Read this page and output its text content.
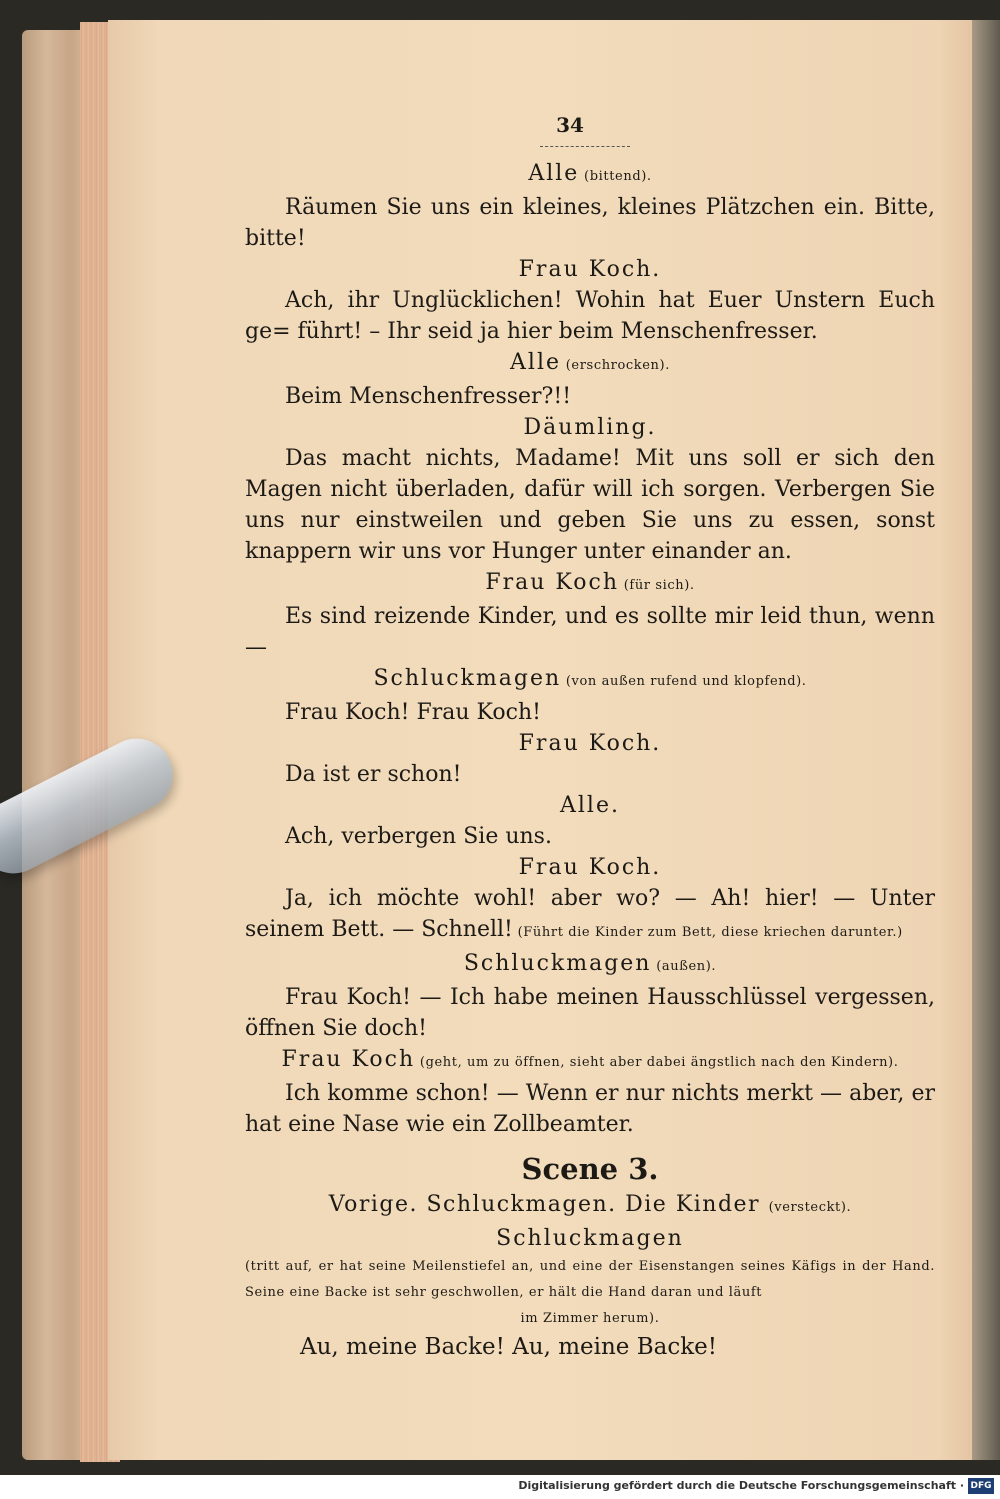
34
Alle (bittend).
Räumen Sie uns ein kleines, kleines Plätzchen ein. Bitte, bitte!
Frau Koch.
Ach, ihr Unglücklichen! Wohin hat Euer Unstern Euch ge= führt! – Ihr seid ja hier beim Menschenfresser.
Alle (erschrocken).
Beim Menschenfresser?!!
Däumling.
Das macht nichts, Madame! Mit uns soll er sich den Magen nicht überladen, dafür will ich sorgen. Verbergen Sie uns nur einstweilen und geben Sie uns zu essen, sonst knappern wir uns vor Hunger unter einander an.
Frau Koch (für sich).
Es sind reizende Kinder, und es sollte mir leid thun, wenn —
Schluckmagen (von außen rufend und klopfend).
Frau Koch! Frau Koch!
Frau Koch.
Da ist er schon!
Alle.
Ach, verbergen Sie uns.
Frau Koch.
Ja, ich möchte wohl! aber wo? — Ah! hier! — Unter seinem Bett. — Schnell! (Führt die Kinder zum Bett, diese kriechen darunter.)
Schluckmagen (außen).
Frau Koch! — Ich habe meinen Hausschlüssel vergessen, öffnen Sie doch!
Frau Koch (geht, um zu öffnen, sieht aber dabei ängstlich nach den Kindern).
Ich komme schon! — Wenn er nur nichts merkt — aber, er hat eine Nase wie ein Zollbeamter.
Scene 3.
Vorige. Schluckmagen. Die Kinder (versteckt).
Schluckmagen
(tritt auf, er hat seine Meilenstiefel an, und eine der Eisenstangen seines Käfigs in der Hand. Seine eine Backe ist sehr geschwollen, er hält die Hand daran und läuft
im Zimmer herum).
Au, meine Backe! Au, meine Backe!
Digitalisierung gefördert durch die Deutsche Forschungsgemeinschaft · DFG
